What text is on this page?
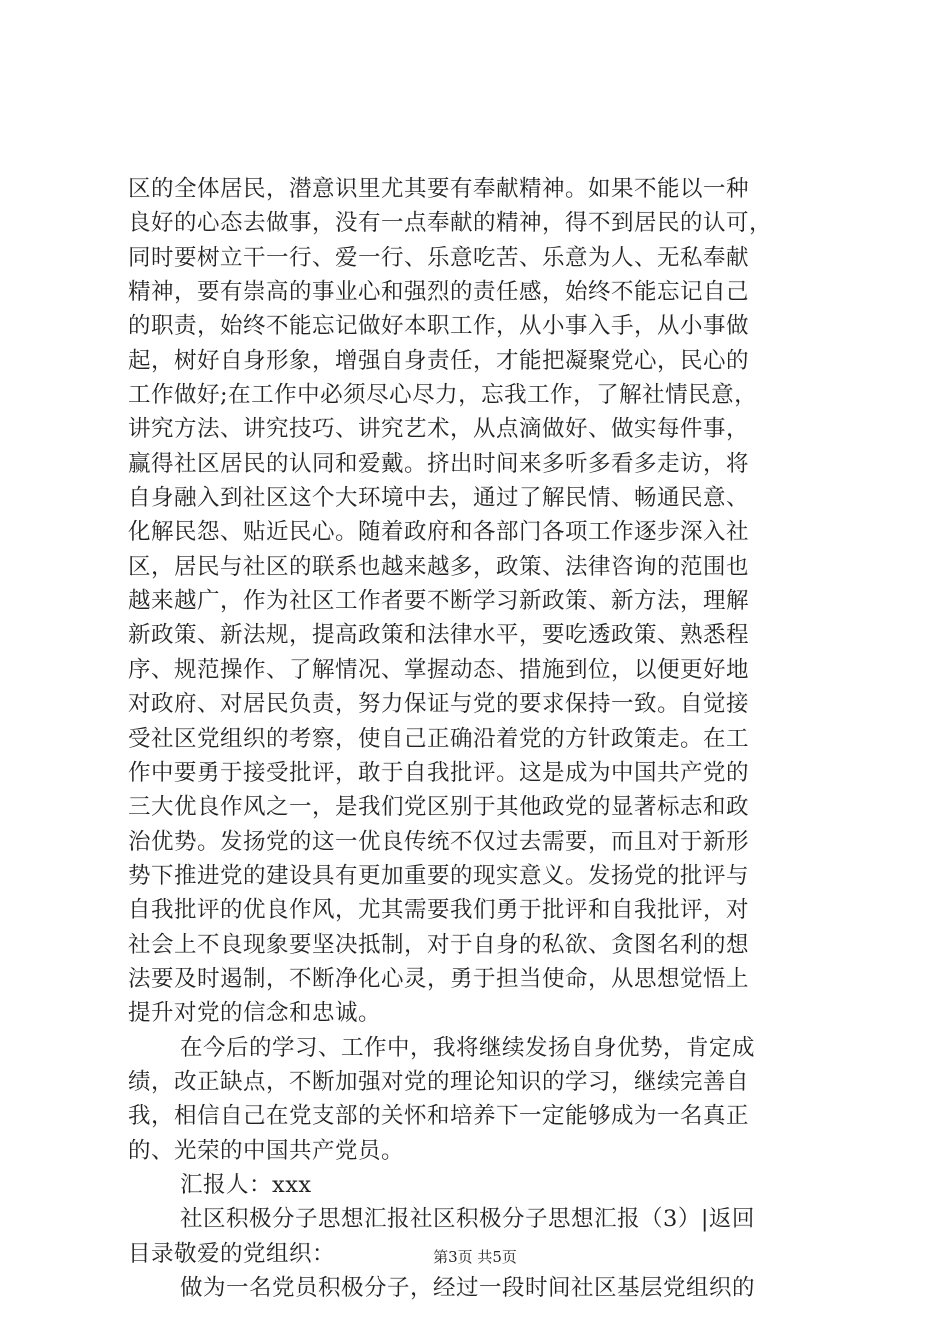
区的全体居民，潜意识里尤其要有奉献精神。如果不能以一种
良好的心态去做事，没有一点奉献的精神，得不到居民的认可，
同时要树立干一行、爱一行、乐意吃苦、乐意为人、无私奉献
精神，要有崇高的事业心和强烈的责任感，始终不能忘记自己
的职责，始终不能忘记做好本职工作，从小事入手，从小事做
起，树好自身形象，增强自身责任，才能把凝聚党心，民心的
工作做好;在工作中必须尽心尽力，忘我工作，了解社情民意，
讲究方法、讲究技巧、讲究艺术，从点滴做好、做实每件事，
赢得社区居民的认同和爱戴。挤出时间来多听多看多走访，将
自身融入到社区这个大环境中去，通过了解民情、畅通民意、
化解民怨、贴近民心。随着政府和各部门各项工作逐步深入社
区，居民与社区的联系也越来越多，政策、法律咨询的范围也
越来越广，作为社区工作者要不断学习新政策、新方法，理解
新政策、新法规，提高政策和法律水平，要吃透政策、熟悉程
序、规范操作、了解情况、掌握动态、措施到位，以便更好地
对政府、对居民负责，努力保证与党的要求保持一致。自觉接
受社区党组织的考察，使自己正确沿着党的方针政策走。在工
作中要勇于接受批评，敢于自我批评。这是成为中国共产党的
三大优良作风之一，是我们党区别于其他政党的显著标志和政
治优势。发扬党的这一优良传统不仅过去需要，而且对于新形
势下推进党的建设具有更加重要的现实意义。发扬党的批评与
自我批评的优良作风，尤其需要我们勇于批评和自我批评，对
社会上不良现象要坚决抵制，对于自身的私欲、贪图名利的想
法要及时遏制，不断净化心灵，勇于担当使命，从思想觉悟上
提升对党的信念和忠诚。
在今后的学习、工作中，我将继续发扬自身优势，肯定成
绩，改正缺点，不断加强对党的理论知识的学习，继续完善自
我，相信自己在党支部的关怀和培养下一定能够成为一名真正
的、光荣的中国共产党员。
汇报人：xxx
社区积极分子思想汇报社区积极分子思想汇报（3）|返回
目录敬爱的党组织：
做为一名党员积极分子，经过一段时间社区基层党组织的
第3页 共5页
